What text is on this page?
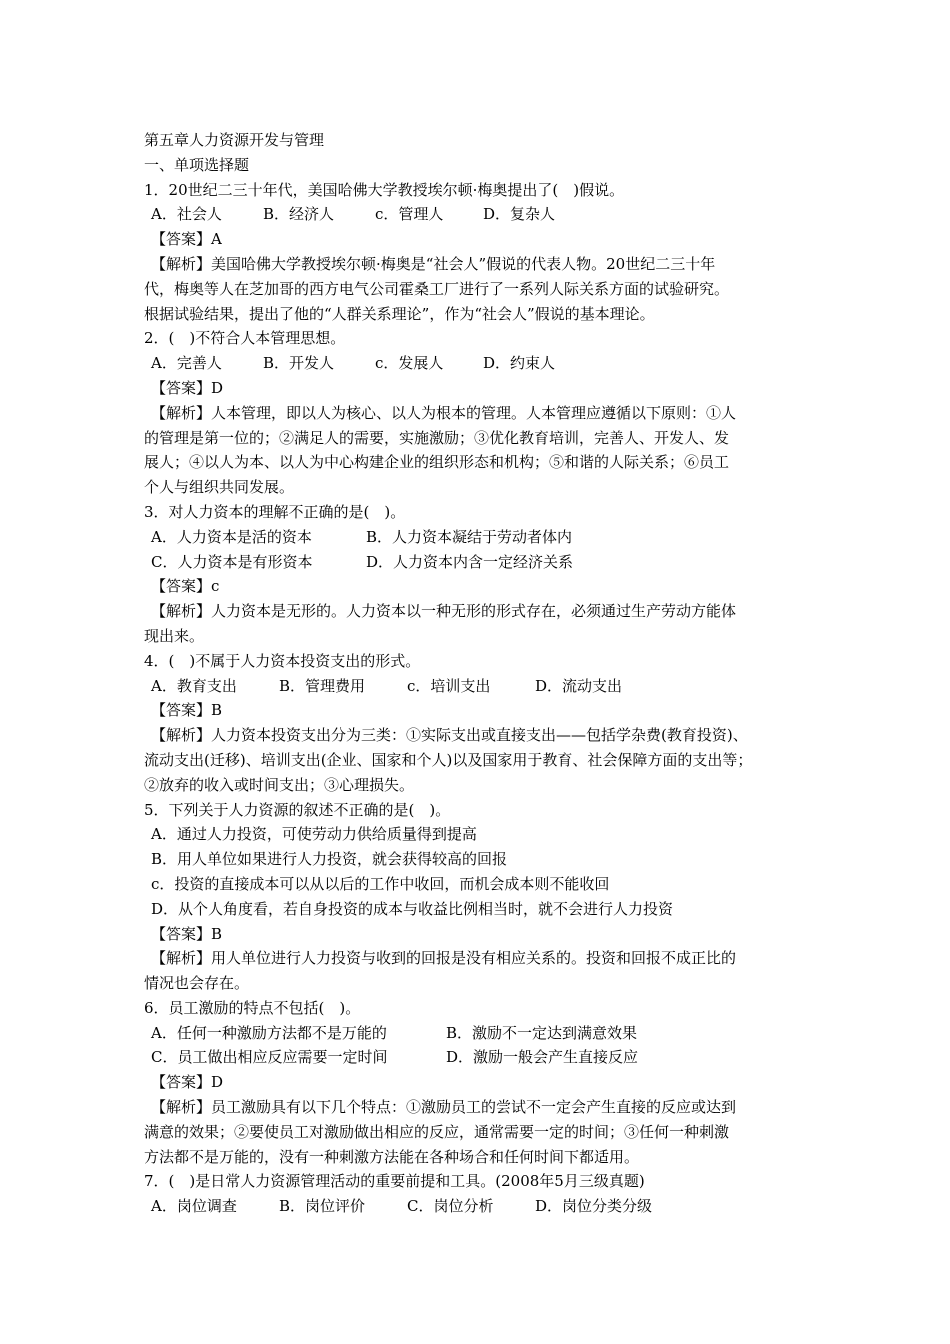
第五章人力资源开发与管理
一、单项选择题
1．20世纪二三十年代，美国哈佛大学教授埃尔顿·梅奥提出了(　)假说。
A．社会人	B．经济人	c．管理人	D．复杂人
【答案】A
【解析】美国哈佛大学教授埃尔顿·梅奥是“社会人”假说的代表人物。20世纪二三十年
代，梅奥等人在芝加哥的西方电气公司霍桑工厂进行了一系列人际关系方面的试验研究。
根据试验结果，提出了他的“人群关系理论”，作为“社会人”假说的基本理论。
2．(　)不符合人本管理思想。
A．完善人	B．开发人	c．发展人	D．约束人
【答案】D
【解析】人本管理，即以人为核心、以人为根本的管理。人本管理应遵循以下原则：①人
的管理是第一位的；②满足人的需要，实施激励；③优化教育培训，完善人、开发人、发
展人；④以人为本、以人为中心构建企业的组织形态和机构；⑤和谐的人际关系；⑥员工
个人与组织共同发展。
3．对人力资本的理解不正确的是(　)。
A．人力资本是活的资本	B．人力资本凝结于劳动者体内
C．人力资本是有形资本	D．人力资本内含一定经济关系
【答案】c
【解析】人力资本是无形的。人力资本以一种无形的形式存在，必须通过生产劳动方能体
现出来。
4．(　)不属于人力资本投资支出的形式。
A．教育支出	B．管理费用	c．培训支出	D．流动支出
【答案】B
【解析】人力资本投资支出分为三类：①实际支出或直接支出——包括学杂费(教育投资)、
流动支出(迁移)、培训支出(企业、国家和个人)以及国家用于教育、社会保障方面的支出等；
②放弃的收入或时间支出；③心理损失。
5．下列关于人力资源的叙述不正确的是(　)。
A．通过人力投资，可使劳动力供给质量得到提高
B．用人单位如果进行人力投资，就会获得较高的回报
c．投资的直接成本可以从以后的工作中收回，而机会成本则不能收回
D．从个人角度看，若自身投资的成本与收益比例相当时，就不会进行人力投资
【答案】B
【解析】用人单位进行人力投资与收到的回报是没有相应关系的。投资和回报不成正比的
情况也会存在。
6．员工激励的特点不包括(　)。
A．任何一种激励方法都不是万能的	B．激励不一定达到满意效果
C．员工做出相应反应需要一定时间	D．激励一般会产生直接反应
【答案】D
【解析】员工激励具有以下几个特点：①激励员工的尝试不一定会产生直接的反应或达到
满意的效果；②要使员工对激励做出相应的反应，通常需要一定的时间；③任何一种刺激
方法都不是万能的，没有一种刺激方法能在各种场合和任何时间下都适用。
7．(　)是日常人力资源管理活动的重要前提和工具。(2008年5月三级真题)
A．岗位调查	B．岗位评价	C．岗位分析	D．岗位分类分级
